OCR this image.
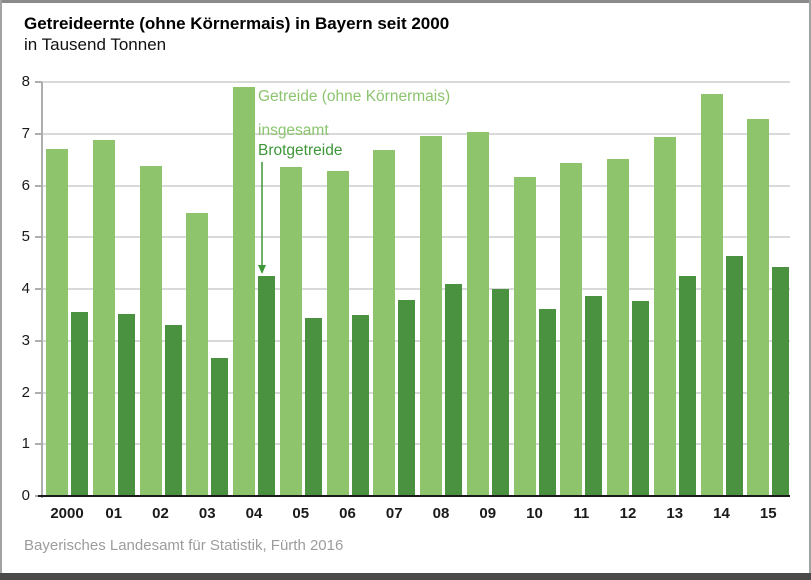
Getreideernte (ohne Körnermais) in Bayern seit 2000
in Tausend Tonnen
0
1
2
3
4
5
6
7
8
2000	01	02	03	04	05	06	07	08	09	10	11	12	13	14	15
Getreide (ohne Körnermais)

insgesamt
Brotgetreide
Bayerisches Landesamt für Statistik, Fürth 2016
